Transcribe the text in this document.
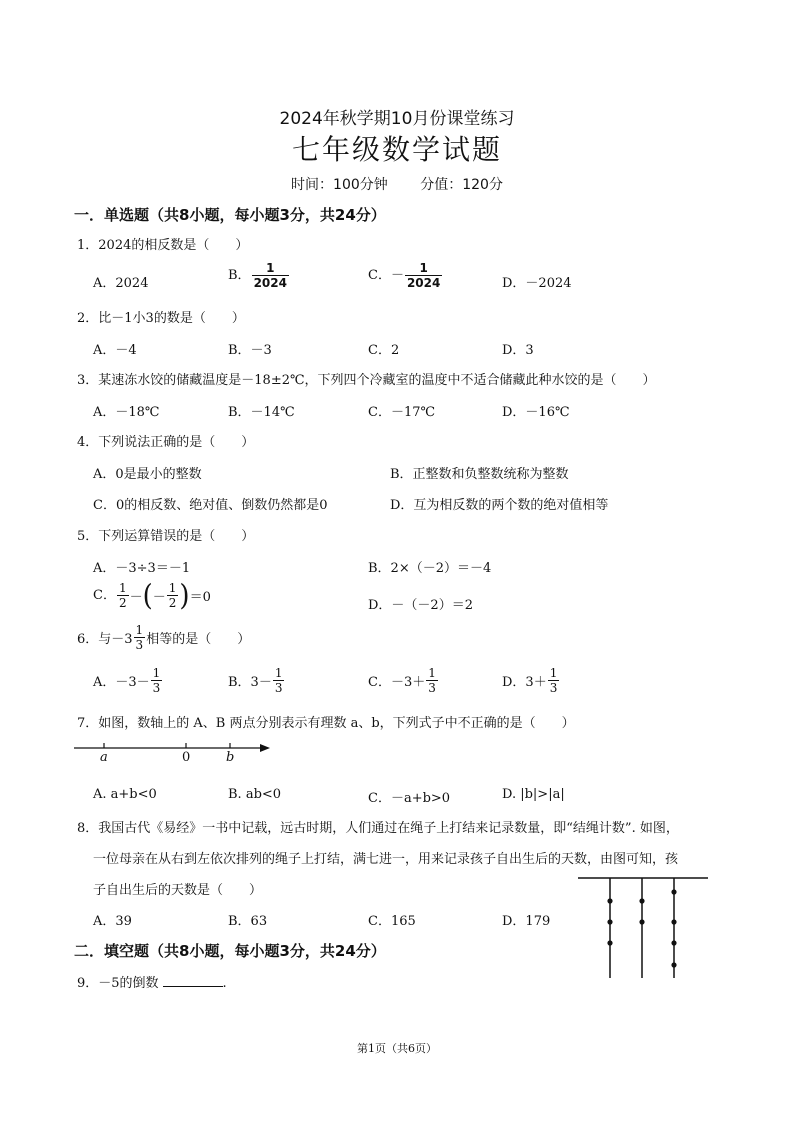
2024年秋学期10月份课堂练习
七年级数学试题
时间：100分钟 分值：120分
一．单选题（共8小题，每小题3分，共24分）
1．2024的相反数是（　　）
A．2024
B． $\frac{1}{2024}$	C．－ $\frac{1}{2024}$	D．－2024
2．比－1小3的数是（　　）
A．－4	B．－3	C．2	D．3
3．某速冻水饺的储藏温度是－18±2℃，下列四个冷藏室的温度中不适合储藏此种水饺的是（　　）
A．－18℃	B．－14℃	C．－17℃	D．－16℃
4．下列说法正确的是（　　）
A．0是最小的整数	B．正整数和负整数统称为整数
C．0的相反数、绝对值、倒数仍然都是0	D．互为相反数的两个数的绝对值相等
5．下列运算错误的是（　　）
A．－3÷3＝－1	B．2×（－2）＝－4
C． $\frac{1}{2}$ －(－ $\frac{1}{2} )=0$
D．－（－2）＝2
6．与$-3 \frac{1}{3}$ 相等的是（　　）
A．$-3- \frac{1}{3}$	B．$3- \frac{1}{3}$	C．$-3+ \frac{1}{3}$	D．$3+ \frac{1}{3}$
7．如图，数轴上的 A、B 两点分别表示有理数 a、b，下列式子中不正确的是（　　）
a	0	b
A. a+b<0	B. ab<0	C．－a+b>0	D. |b|>|a|
8．我国古代《易经》一书中记载，远古时期，人们通过在绳子上打结来记录数量，即“结绳计数”. 如图，
一位母亲在从右到左依次排列的绳子上打结，满七进一，用来记录孩子自出生后的天数，由图可知，孩
子自出生后的天数是（　　）
A．39	B．63	C．165	D．179
二．填空题（共8小题，每小题3分，共24分）
9．－5的倒数	.
第1页（共6页）
